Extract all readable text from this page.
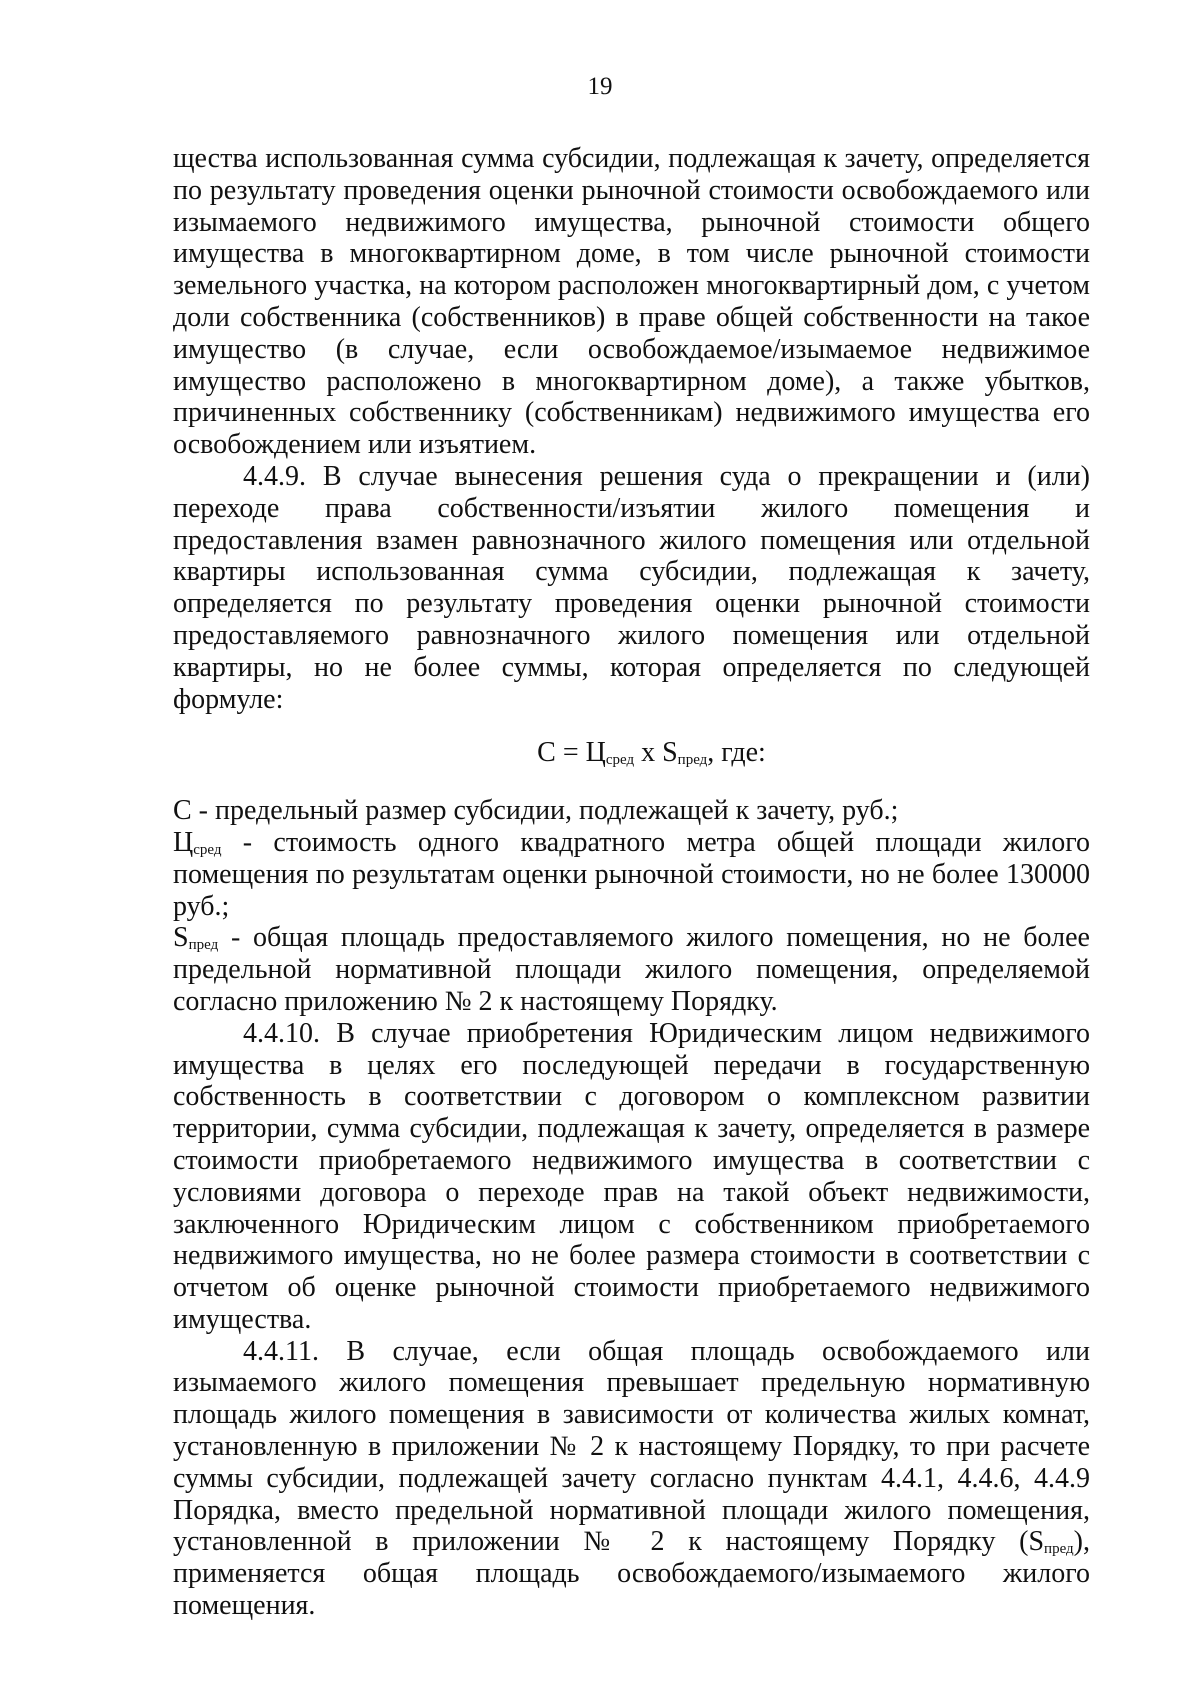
19

щества использованная сумма субсидии, подлежащая к зачету, определяется по результату проведения оценки рыночной стоимости освобождаемого или изымаемого недвижимого имущества, рыночной стоимости общего имущества в многоквартирном доме, в том числе рыночной стоимости земельного участка, на котором расположен многоквартирный дом, с учетом доли собственника (собственников) в праве общей собственности на такое имущество (в случае, если освобождаемое/изымаемое недвижимое имущество расположено в многоквартирном доме), а также убытков, причиненных собственнику (собственникам) недвижимого имущества его освобождением или изъятием.

4.4.9. В случае вынесения решения суда о прекращении и (или) переходе права собственности/изъятии жилого помещения и предоставления взамен равнозначного жилого помещения или отдельной квартиры использованная сумма субсидии, подлежащая к зачету, определяется по результату проведения оценки рыночной стоимости предоставляемого равнозначного жилого помещения или отдельной квартиры, но не более суммы, которая определяется по следующей формуле:

$С = Ц_{сред}$ х $S_{пред}$, где:

С - предельный размер субсидии, подлежащей к зачету, руб.;

$Ц_{сред}$ - стоимость одного квадратного метра общей площади жилого помещения по результатам оценки рыночной стоимости, но не более 130000 руб.;

$S_{пред}$ - общая площадь предоставляемого жилого помещения, но не более предельной нормативной площади жилого помещения, определяемой согласно приложению № 2 к настоящему Порядку.

4.4.10. В случае приобретения Юридическим лицом недвижимого имущества в целях его последующей передачи в государственную собственность в соответствии с договором о комплексном развитии территории, сумма субсидии, подлежащая к зачету, определяется в размере стоимости приобретаемого недвижимого имущества в соответствии с условиями договора о переходе прав на такой объект недвижимости, заключенного Юридическим лицом с собственником приобретаемого недвижимого имущества, но не более размера стоимости в соответствии с отчетом об оценке рыночной стоимости приобретаемого недвижимого имущества.

4.4.11. В случае, если общая площадь освобождаемого или изымаемого жилого помещения превышает предельную нормативную площадь жилого помещения в зависимости от количества жилых комнат, установленную в приложении № 2 к настоящему Порядку, то при расчете суммы субсидии, подлежащей зачету согласно пунктам 4.4.1, 4.4.6, 4.4.9 Порядка, вместо предельной нормативной площади жилого помещения, установленной в приложении № 2 к настоящему Порядку $(S_{пред})$, применяется общая площадь освобождаемого/изымаемого жилого помещения.
